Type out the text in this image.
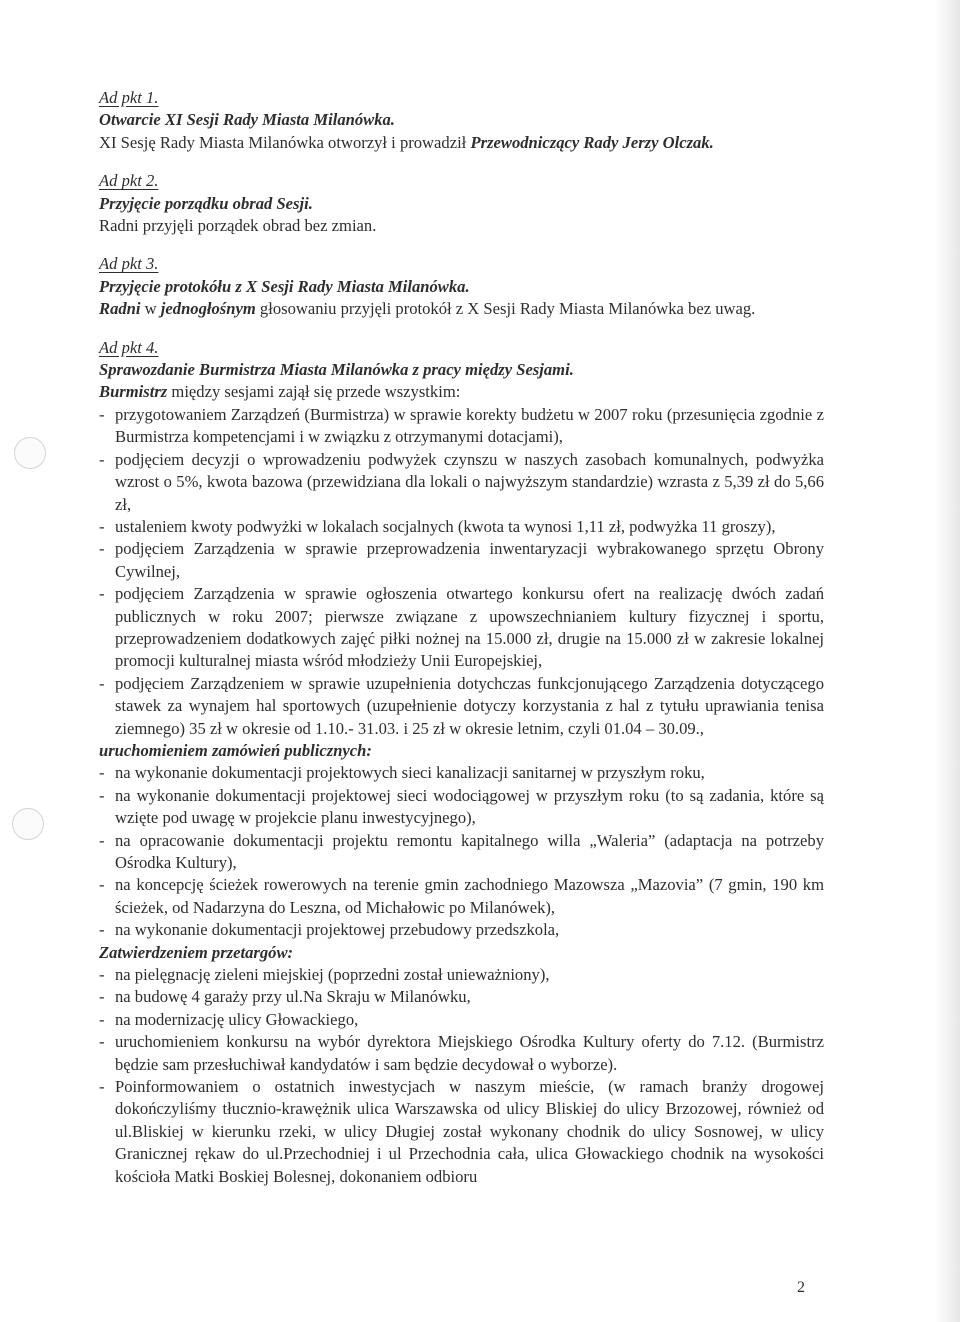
Ad pkt 1.

Otwarcie XI Sesji Rady Miasta Milanówka.

XI Sesję Rady Miasta Milanówka otworzył i prowadził Przewodniczący Rady Jerzy Olczak.

Ad pkt 2.

Przyjęcie porządku obrad Sesji.

Radni przyjęli porządek obrad bez zmian.

Ad pkt 3.

Przyjęcie protokółu z X Sesji Rady Miasta Milanówka.

Radni w jednogłośnym głosowaniu przyjęli protokół z X Sesji Rady Miasta Milanówka bez uwag.

Ad pkt 4.

Sprawozdanie Burmistrza Miasta Milanówka z pracy między Sesjami.

Burmistrz między sesjami zajął się przede wszystkim:

- przygotowaniem Zarządzeń (Burmistrza) w sprawie korekty budżetu w 2007 roku (przesunięcia zgodnie z Burmistrza kompetencjami i w związku z otrzymanymi dotacjami),
- podjęciem decyzji o wprowadzeniu podwyżek czynszu w naszych zasobach komunalnych, podwyżka wzrost o 5%, kwota bazowa (przewidziana dla lokali o najwyższym standardzie) wzrasta z 5,39 zł do 5,66 zł,
- ustaleniem kwoty podwyżki w lokalach socjalnych (kwota ta wynosi 1,11 zł, podwyżka 11 groszy),
- podjęciem Zarządzenia w sprawie przeprowadzenia inwentaryzacji wybrakowanego sprzętu Obrony Cywilnej,
- podjęciem Zarządzenia w sprawie ogłoszenia otwartego konkursu ofert na realizację dwóch zadań publicznych w roku 2007; pierwsze związane z upowszechnianiem kultury fizycznej i sportu, przeprowadzeniem dodatkowych zajęć piłki nożnej na 15.000 zł, drugie na 15.000 zł w zakresie lokalnej promocji kulturalnej miasta wśród młodzieży Unii Europejskiej,
- podjęciem Zarządzeniem w sprawie uzupełnienia dotychczas funkcjonującego Zarządzenia dotyczącego stawek za wynajem hal sportowych (uzupełnienie dotyczy korzystania z hal z tytułu uprawiania tenisa ziemnego) 35 zł w okresie od 1.10.- 31.03. i 25 zł w okresie letnim, czyli 01.04 – 30.09.,

uruchomieniem zamówień publicznych:

- na wykonanie dokumentacji projektowych sieci kanalizacji sanitarnej w przyszłym roku,
- na wykonanie dokumentacji projektowej sieci wodociągowej w przyszłym roku (to są zadania, które są wzięte pod uwagę w projekcie planu inwestycyjnego),
- na opracowanie dokumentacji projektu remontu kapitalnego willa „Waleria” (adaptacja na potrzeby Ośrodka Kultury),
- na koncepcję ścieżek rowerowych na terenie gmin zachodniego Mazowsza „Mazovia” (7 gmin, 190 km ścieżek, od Nadarzyna do Leszna, od Michałowic po Milanówek),
- na wykonanie dokumentacji projektowej przebudowy przedszkola,

Zatwierdzeniem przetargów:

- na pielęgnację zieleni miejskiej (poprzedni został unieważniony),
- na budowę 4 garaży przy ul.Na Skraju w Milanówku,
- na modernizację ulicy Głowackiego,
- uruchomieniem konkursu na wybór dyrektora Miejskiego Ośrodka Kultury oferty do 7.12. (Burmistrz będzie sam przesłuchiwał kandydatów i sam będzie decydował o wyborze).
- Poinformowaniem o ostatnich inwestycjach w naszym mieście, (w ramach branży drogowej dokończyliśmy tłuczniо-krawężnik ulica Warszawska od ulicy Bliskiej do ulicy Brzozowej, również od ul.Bliskiej w kierunku rzeki, w ulicy Długiej został wykonany chodnik do ulicy Sosnowej, w ulicy Granicznej rękaw do ul.Przechodniej i ul Przechodnia cała, ulica Głowackiego chodnik na wysokości kościoła Matki Boskiej Bolesnej, dokonaniem odbioru
2
